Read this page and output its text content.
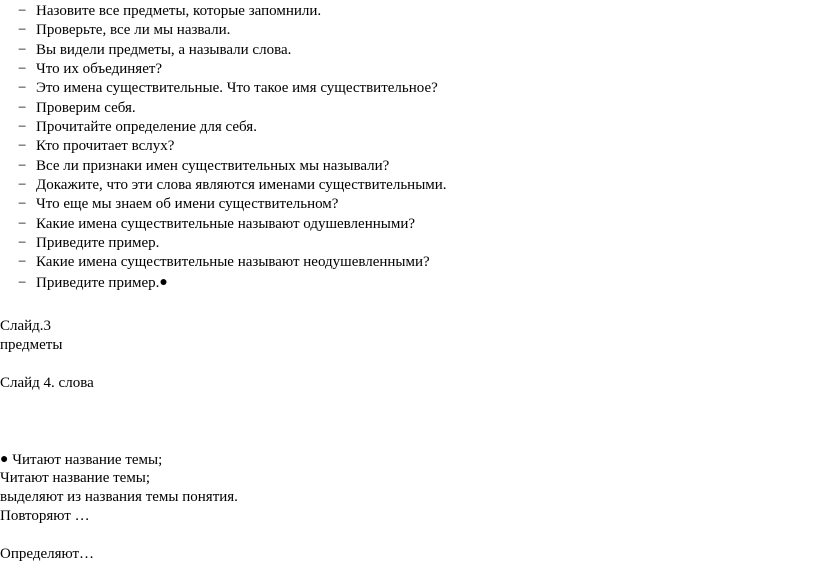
− Назовите все предметы, которые запомнили.
− Проверьте, все ли мы назвали.
− Вы видели предметы, а называли слова.
− Что их объединяет?
− Это имена существительные. Что такое имя существительное?
− Проверим себя.
− Прочитайте определение для себя.
− Кто прочитает вслух?
− Все ли признаки имен существительных мы называли?
− Докажите, что эти слова являются именами существительными.
− Что еще мы знаем об имени существительном?
− Какие имена существительные называют одушевленными?
− Приведите пример.
− Какие имена существительные называют неодушевленными?
− Приведите пример.●
Слайд.3
предметы
Слайд 4. слова
● Читают название темы;
Читают название темы;
выделяют из названия темы понятия.
Повторяют …
Определяют…
